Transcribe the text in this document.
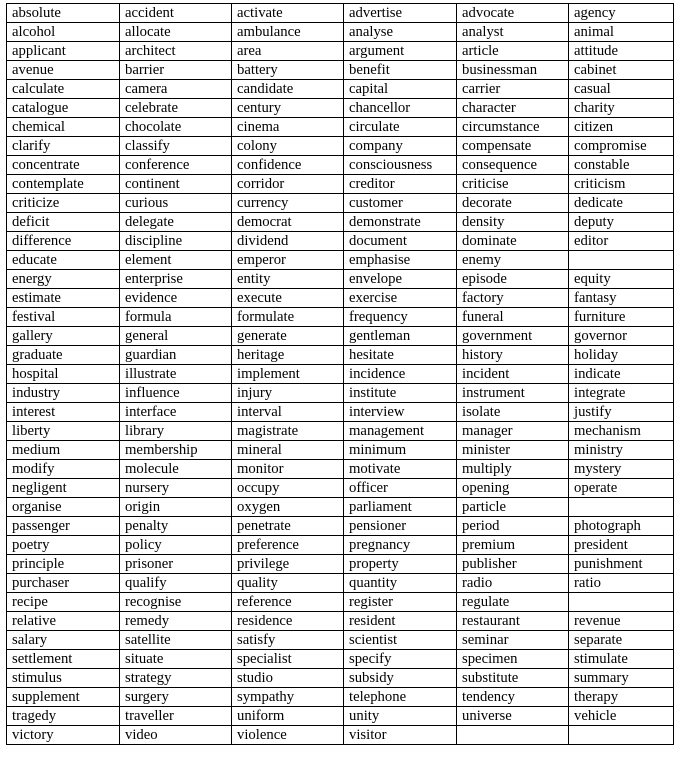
absolute	accident	activate	advertise	advocate	agency
alcohol	allocate	ambulance	analyse	analyst	animal
applicant	architect	area	argument	article	attitude
avenue	barrier	battery	benefit	businessman	cabinet
calculate	camera	candidate	capital	carrier	casual
catalogue	celebrate	century	chancellor	character	charity
chemical	chocolate	cinema	circulate	circumstance	citizen
clarify	classify	colony	company	compensate	compromise
concentrate	conference	confidence	consciousness	consequence	constable
contemplate	continent	corridor	creditor	criticise	criticism
criticize	curious	currency	customer	decorate	dedicate
deficit	delegate	democrat	demonstrate	density	deputy
difference	discipline	dividend	document	dominate	editor
educate	element	emperor	emphasise	enemy	
energy	enterprise	entity	envelope	episode	equity
estimate	evidence	execute	exercise	factory	fantasy
festival	formula	formulate	frequency	funeral	furniture
gallery	general	generate	gentleman	government	governor
graduate	guardian	heritage	hesitate	history	holiday
hospital	illustrate	implement	incidence	incident	indicate
industry	influence	injury	institute	instrument	integrate
interest	interface	interval	interview	isolate	justify
liberty	library	magistrate	management	manager	mechanism
medium	membership	mineral	minimum	minister	ministry
modify	molecule	monitor	motivate	multiply	mystery
negligent	nursery	occupy	officer	opening	operate
organise	origin	oxygen	parliament	particle	
passenger	penalty	penetrate	pensioner	period	photograph
poetry	policy	preference	pregnancy	premium	president
principle	prisoner	privilege	property	publisher	punishment
purchaser	qualify	quality	quantity	radio	ratio
recipe	recognise	reference	register	regulate	
relative	remedy	residence	resident	restaurant	revenue
salary	satellite	satisfy	scientist	seminar	separate
settlement	situate	specialist	specify	specimen	stimulate
stimulus	strategy	studio	subsidy	substitute	summary
supplement	surgery	sympathy	telephone	tendency	therapy
tragedy	traveller	uniform	unity	universe	vehicle
victory	video	violence	visitor		
